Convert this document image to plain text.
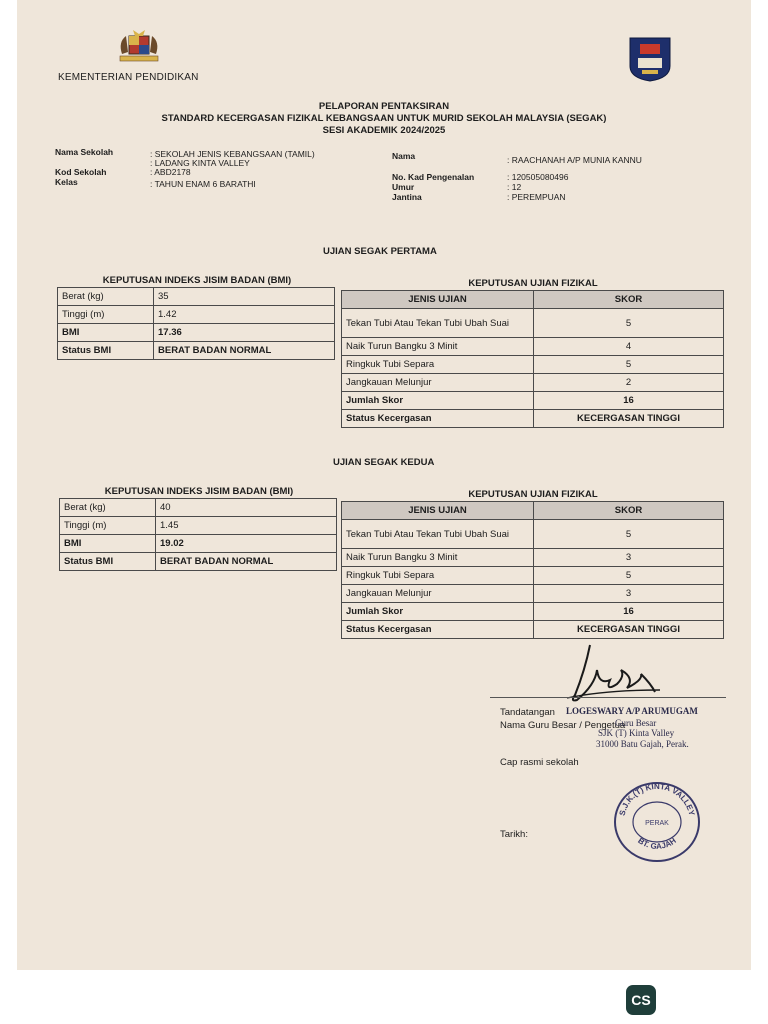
KEMENTERIAN PENDIDIKAN
PELAPORAN PENTAKSIRAN
STANDARD KECERGASAN FIZIKAL KEBANGSAAN UNTUK MURID SEKOLAH MALAYSIA (SEGAK)
SESI AKADEMIK 2024/2025
Nama Sekolah	: SEKOLAH JENIS KEBANGSAAN (TAMIL)
: LADANG KINTA VALLEY
Kod Sekolah	: ABD2178
Kelas	: TAHUN ENAM 6 BARATHI
Nama	: RAACHANAH A/P MUNIA KANNU
No. Kad Pengenalan	: 120505080496
Umur	: 12
Jantina	: PEREMPUAN
UJIAN SEGAK PERTAMA
KEPUTUSAN INDEKS JISIM BADAN (BMI)
Berat (kg)	35
Tinggi (m)	1.42
BMI	17.36
Status BMI	BERAT BADAN NORMAL
KEPUTUSAN UJIAN FIZIKAL
JENIS UJIAN	SKOR
Tekan Tubi Atau Tekan Tubi Ubah Suai	5
Naik Turun Bangku 3 Minit	4
Ringkuk Tubi Separa	5
Jangkauan Melunjur	2
Jumlah Skor	16
Status Kecergasan	KECERGASAN TINGGI
UJIAN SEGAK KEDUA
KEPUTUSAN INDEKS JISIM BADAN (BMI)
Berat (kg)	40
Tinggi (m)	1.45
BMI	19.02
Status BMI	BERAT BADAN NORMAL
KEPUTUSAN UJIAN FIZIKAL
JENIS UJIAN	SKOR
Tekan Tubi Atau Tekan Tubi Ubah Suai	5
Naik Turun Bangku 3 Minit	3
Ringkuk Tubi Separa	5
Jangkauan Melunjur	3
Jumlah Skor	16
Status Kecergasan	KECERGASAN TINGGI
Tandatangan
Nama Guru Besar / Pengetua
LOGESWARY A/P ARUMUGAM
Guru Besar
SJK (T) Kinta Valley
31000 Batu Gajah, Perak.
Cap rasmi sekolah
S.J.K.(T) KINTA VALLEY
PERAK
BT. GAJAH
Tarikh:
CS
